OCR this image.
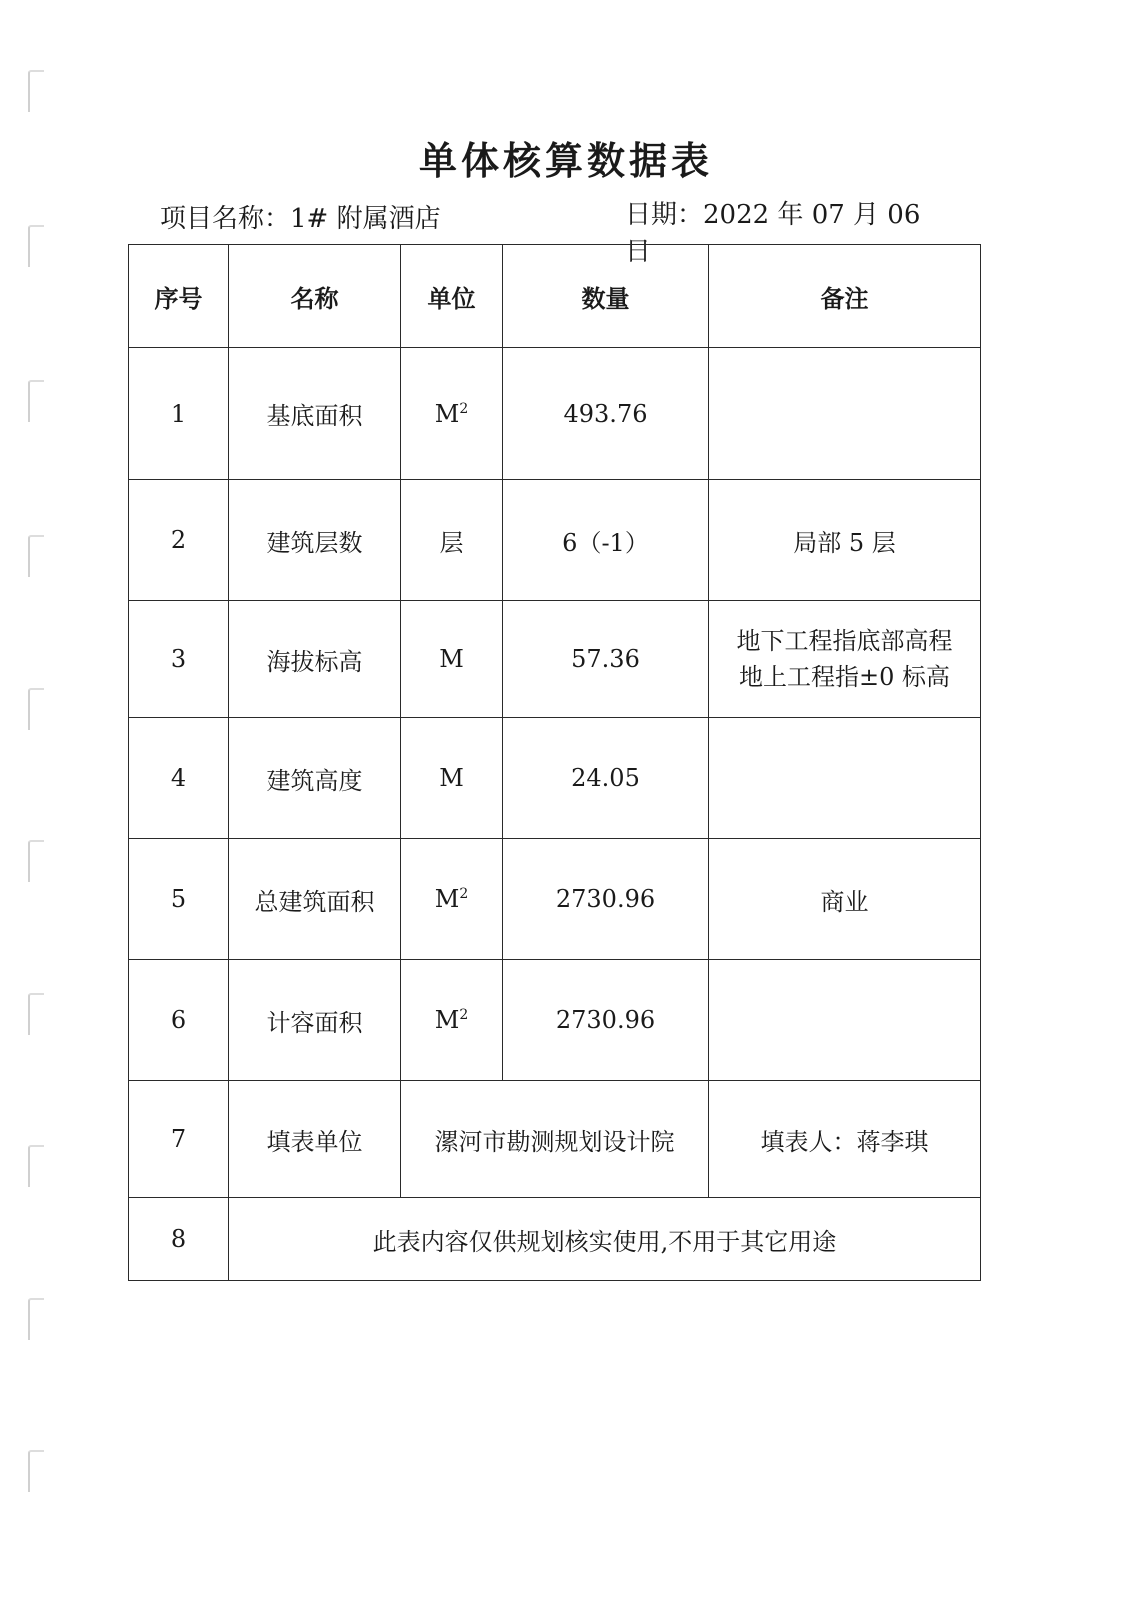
单体核算数据表
项目名称：1# 附属酒店	日期：2022 年 07 月 06 日
序号	名称	单位	数量	备注
1	基底面积	$M^2$	493.76	
2	建筑层数	层	6（-1）	局部 5 层
3	海拔标高	M	57.36	地下工程指底部高程
地上工程指±0 标高

4	建筑高度	M	24.05	
5	总建筑面积	$M^2$	2730.96	商业
6	计容面积	$M^2$	2730.96	
7	填表单位	漯河市勘测规划设计院		填表人：蒋李琪
8	此表内容仅供规划核实使用,不用于其它用途			
